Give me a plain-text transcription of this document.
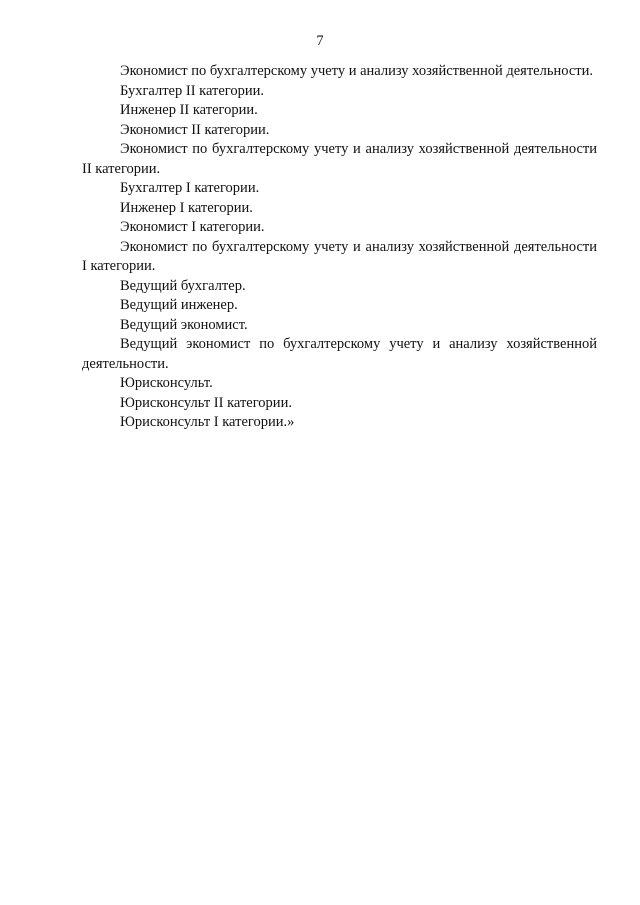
7

Экономист по бухгалтерскому учету и анализу хозяйственной деятельности.

Бухгалтер II категории.

Инженер II категории.

Экономист II категории.

Экономист по бухгалтерскому учету и анализу хозяйственной деятельности II категории.

Бухгалтер I категории.

Инженер I категории.

Экономист I категории.

Экономист по бухгалтерскому учету и анализу хозяйственной деятельности I категории.

Ведущий бухгалтер.

Ведущий инженер.

Ведущий экономист.

Ведущий экономист по бухгалтерскому учету и анализу хозяйственной деятельности.

Юрисконсульт.

Юрисконсульт II категории.

Юрисконсульт I категории.»
